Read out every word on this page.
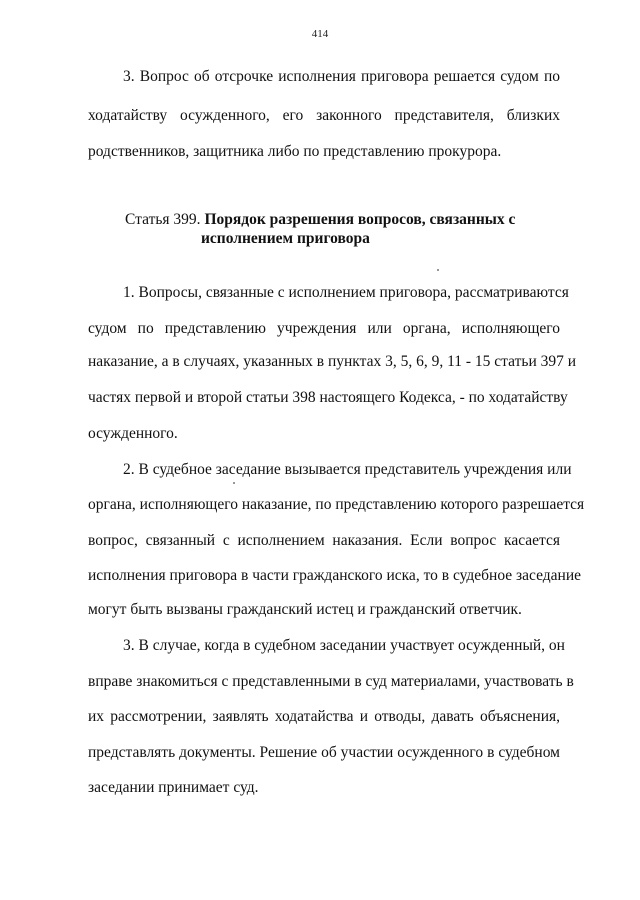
414
3. Вопрос об отсрочке исполнения приговора решается судом по
ходатайству осужденного, его законного представителя, близких
родственников, защитника либо по представлению прокурора.
Статья 399. Порядок разрешения вопросов, связанных с
исполнением приговора
1. Вопросы, связанные с исполнением приговора, рассматриваются
судом по представлению учреждения или органа, исполняющего
наказание, а в случаях, указанных в пунктах 3, 5, 6, 9, 11 - 15 статьи 397 и
частях первой и второй статьи 398 настоящего Кодекса, - по ходатайству
осужденного.
2. В судебное заседание вызывается представитель учреждения или
органа, исполняющего наказание, по представлению которого разрешается
вопрос, связанный с исполнением наказания. Если вопрос касается
исполнения приговора в части гражданского иска, то в судебное заседание
могут быть вызваны гражданский истец и гражданский ответчик.
3. В случае, когда в судебном заседании участвует осужденный, он
вправе знакомиться с представленными в суд материалами, участвовать в
их рассмотрении, заявлять ходатайства и отводы, давать объяснения,
представлять документы. Решение об участии осужденного в судебном
заседании принимает суд.
